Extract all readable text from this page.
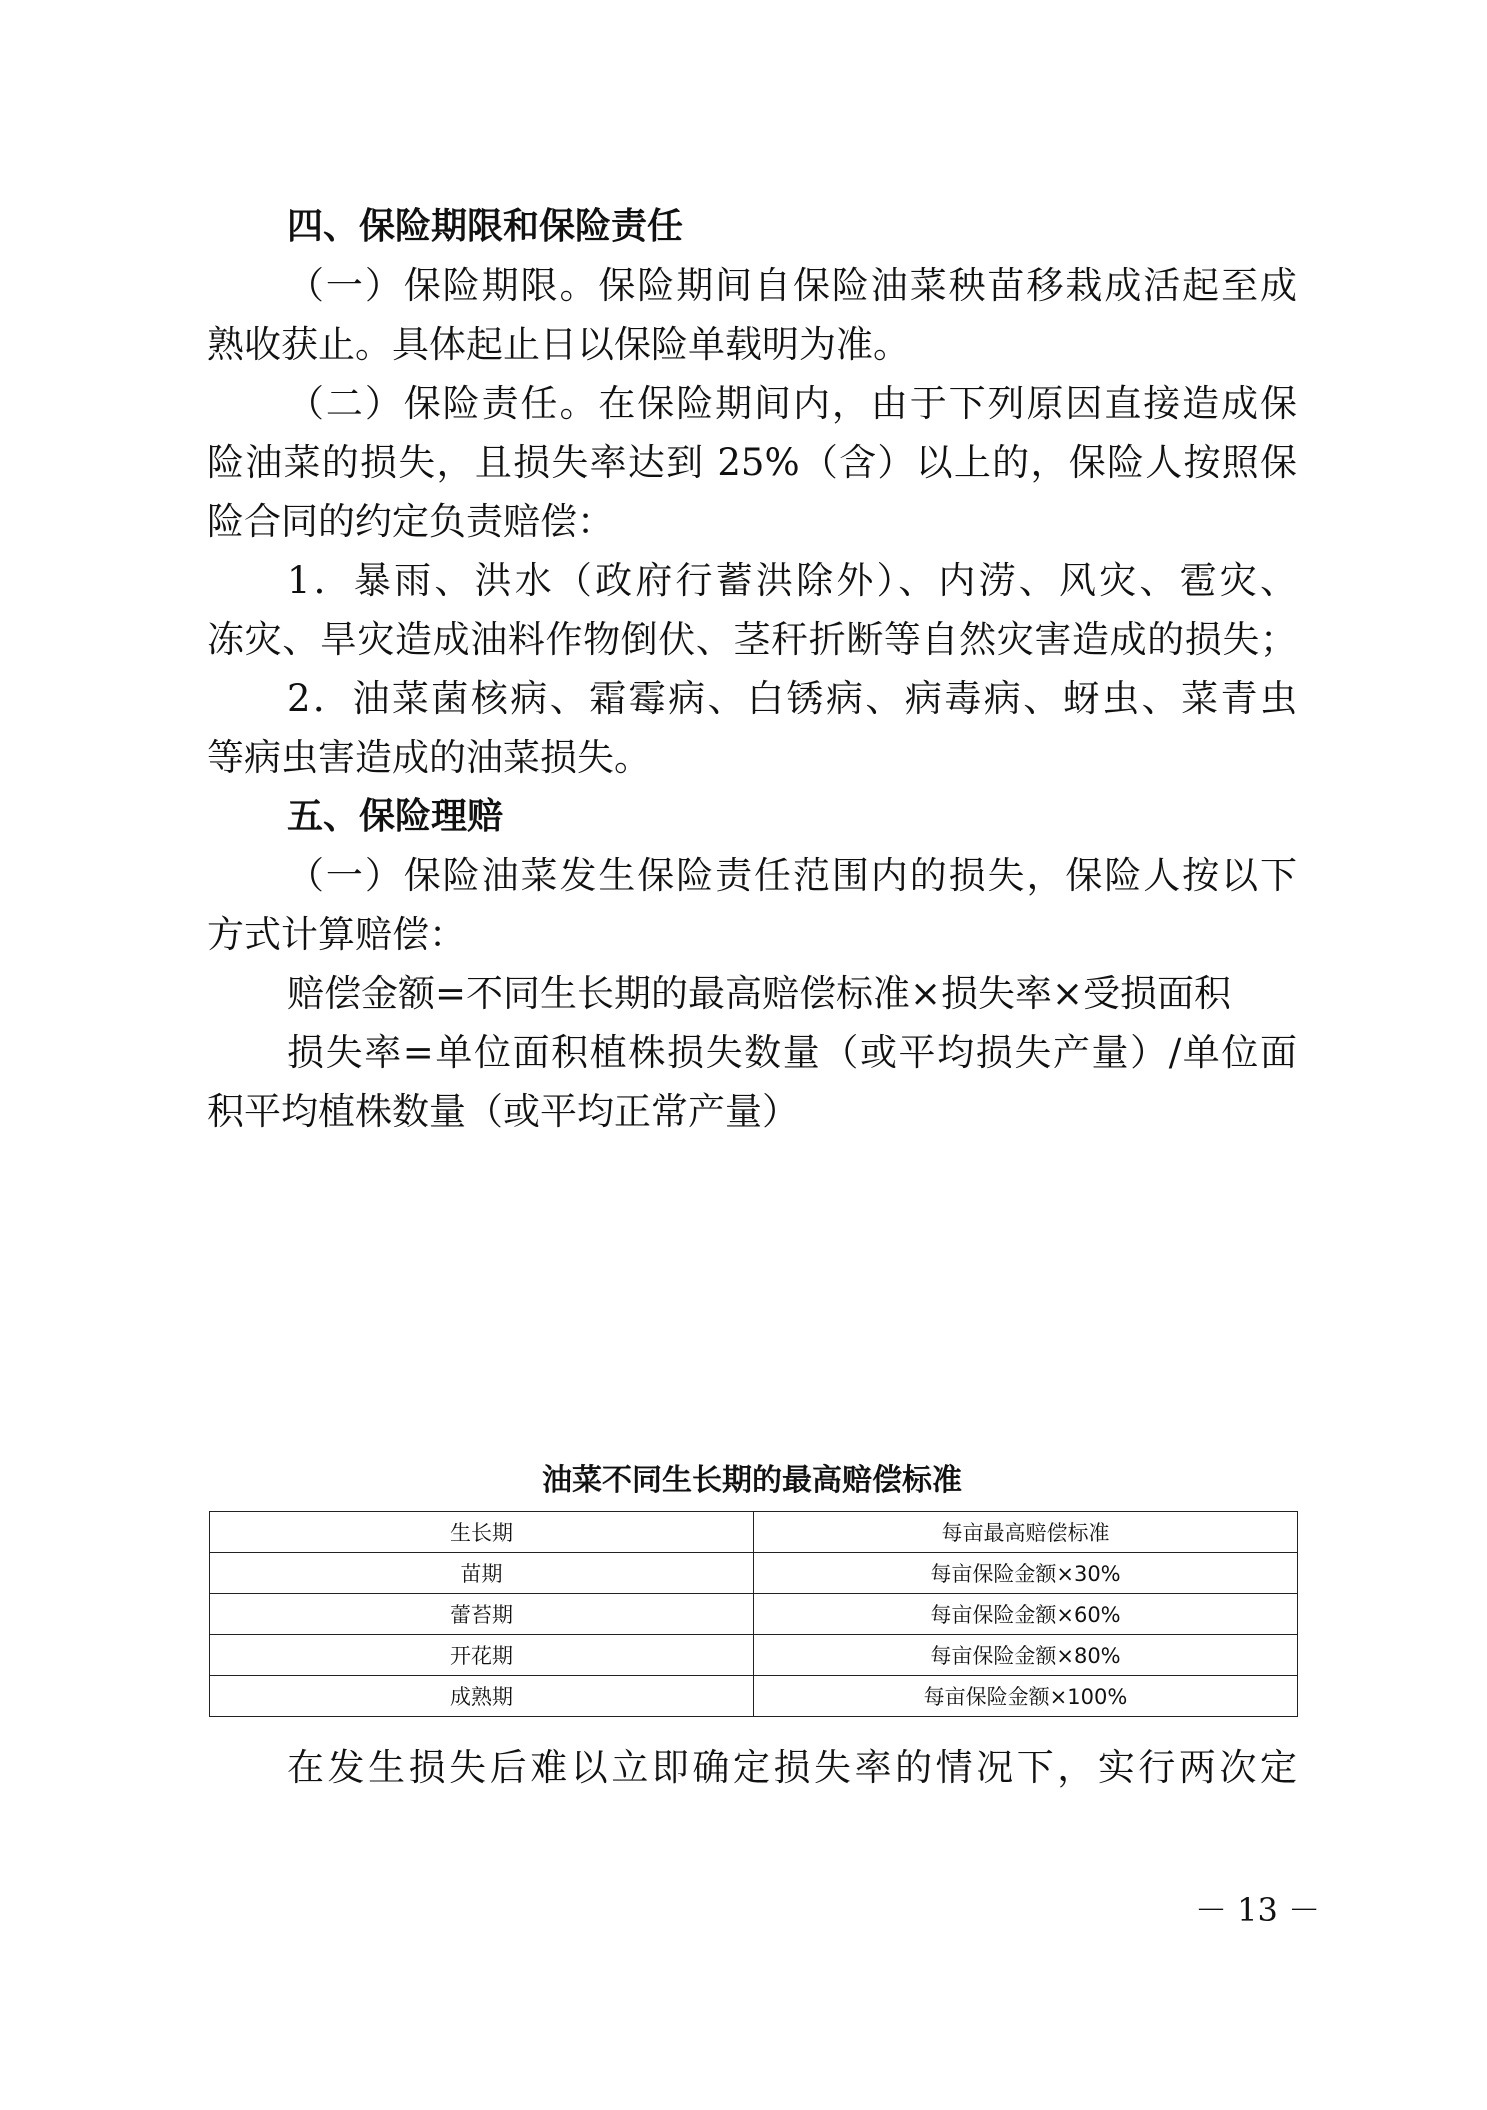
四、保险期限和保险责任
（一）保险期限。保险期间自保险油菜秧苗移栽成活起至成
熟收获止。具体起止日以保险单载明为准。
（二）保险责任。在保险期间内，由于下列原因直接造成保
险油菜的损失，且损失率达到 25%（含）以上的，保险人按照保
险合同的约定负责赔偿：
1．暴雨、洪水（政府行蓄洪除外）、内涝、风灾、雹灾、
冻灾、旱灾造成油料作物倒伏、茎秆折断等自然灾害造成的损失；
2．油菜菌核病、霜霉病、白锈病、病毒病、蚜虫、菜青虫
等病虫害造成的油菜损失。
五、保险理赔
（一）保险油菜发生保险责任范围内的损失，保险人按以下
方式计算赔偿：
赔偿金额=不同生长期的最高赔偿标准×损失率×受损面积
损失率=单位面积植株损失数量（或平均损失产量）/单位面
积平均植株数量（或平均正常产量）
油菜不同生长期的最高赔偿标准
生长期	每亩最高赔偿标准
苗期	每亩保险金额×30%
蕾苔期	每亩保险金额×60%
开花期	每亩保险金额×80%
成熟期	每亩保险金额×100%
在发生损失后难以立即确定损失率的情况下，实行两次定
－ 13 －
